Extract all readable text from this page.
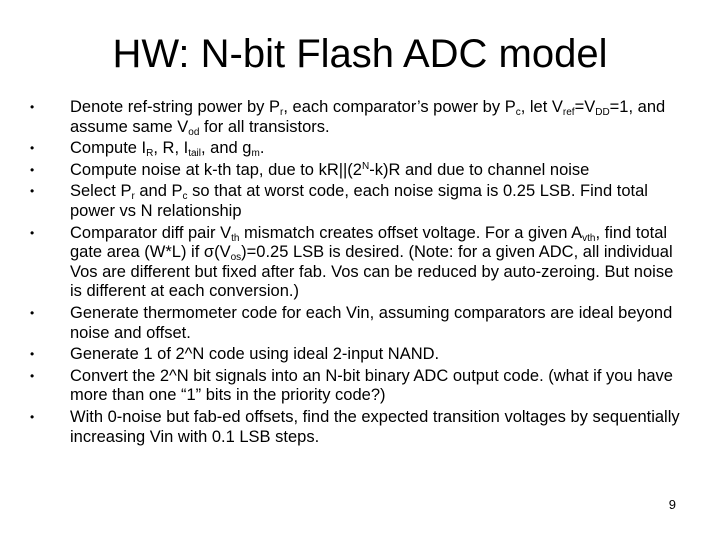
HW: N-bit Flash ADC model
•	Denote ref-string power by $P_r$, each comparator’s power by $P_c$, let $V_{ref}=V_{DD}=1$, and assume same $V_{od}$ for all transistors.
•	Compute $I_R$, R, $I_{tail}$, and $g_m$.
•	Compute noise at k-th tap, due to $kR||(2^N-k)R$ and due to channel noise
•	Select $P_r$ and $P_c$ so that at worst code, each noise sigma is 0.25 LSB. Find total power vs N relationship
•	Comparator diff pair $V_{th}$ mismatch creates offset voltage. For a given $A_{vth}$, find total gate area (W*L) if $\sigma(V_{os})=0.25$ LSB is desired. (Note: for a given ADC, all individual Vos are different but fixed after fab. Vos can be reduced by auto-zeroing. But noise is different at each conversion.)
•	Generate thermometer code for each Vin, assuming comparators are ideal beyond noise and offset.
•	Generate 1 of 2^N code using ideal 2-input NAND.
•	Convert the 2^N bit signals into an N-bit binary ADC output code. (what if you have more than one “1” bits in the priority code?)
•	With 0-noise but fab-ed offsets, find the expected transition voltages by sequentially increasing Vin with 0.1 LSB steps.
9
